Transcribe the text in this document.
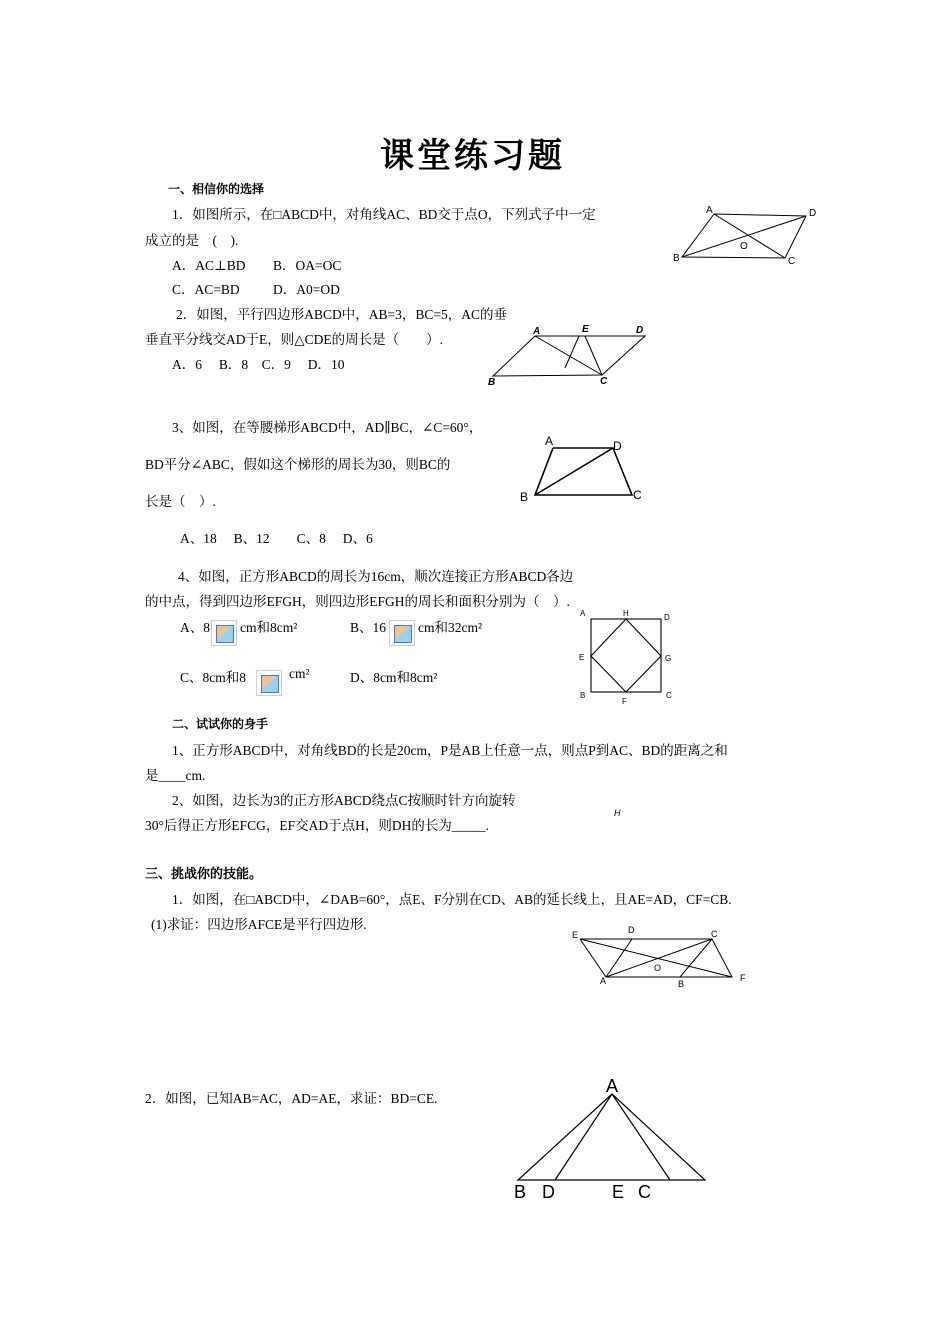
课堂练习题
一、相信你的选择
1．如图所示，在□ABCD中，对角线AC、BD交于点O，下列式子中一定
成立的是　(　).
A．AC⊥BD B．OA=OC
C．AC=BD D．A0=OD
A	D
O
B	C
2．如图，平行四边形ABCD中，AB=3，BC=5，AC的垂
垂直平分线交AD于E，则△CDE的周长是（　　）.
A．6　 B．8　C．9　 D．10
A	E	D
B	C
3、如图，在等腰梯形ABCD中，AD∥BC，∠C=60°，
BD平分∠ABC，假如这个梯形的周长为30，则BC的
长是（　）.
A、18　 B、12　　C、8　 D、6
A	D
B	C
4、如图，正方形ABCD的周长为16cm，顺次连接正方形ABCD各边
的中点，得到四边形EFGH，则四边形EFGH的周长和面积分别为（　）.
A、8 cm和8cm²	B、16 cm和32cm²
C、8cm和8	cm²	D、8cm和8cm²
A	H	D
E	G
B
F
C
二、试试你的身手
1、正方形ABCD中，对角线BD的长是20cm，P是AB上任意一点，则点P到AC、BD的距离之和
是____cm.
2、如图，边长为3的正方形ABCD绕点C按顺时针方向旋转
30°后得正方形EFCG，EF交AD于点H，则DH的长为_____.
H
三、挑战你的技能。
1．如图，在□ABCD中，∠DAB=60°，点E、F分别在CD、AB的延长线上，且AE=AD，CF=CB.
(1)求证：四边形AFCE是平行四边形.
E	D	C
O
A	B
F
2．如图，已知AB=AC，AD=AE，求证：BD=CE.
A
B D	E C
